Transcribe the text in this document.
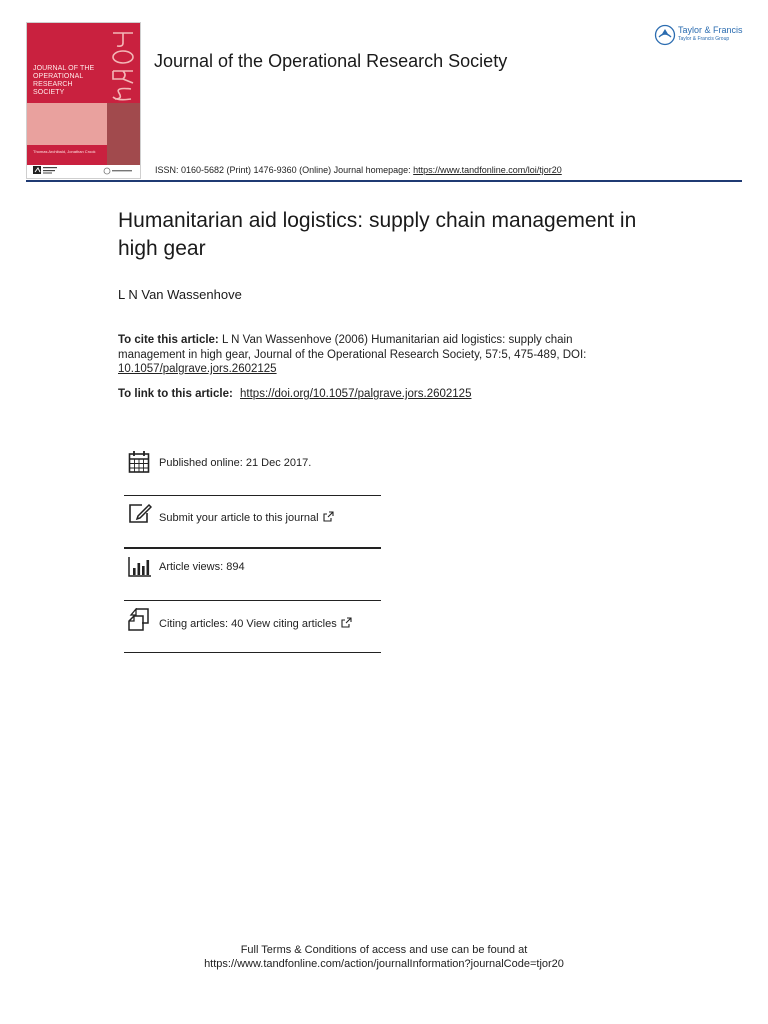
JOURNAL OF THE
OPERATIONAL
RESEARCH
SOCIETY
Thomas Archibald, Jonathan Crook
Journal of the Operational Research Society
ISSN: 0160-5682 (Print) 1476-9360 (Online) Journal homepage: https://www.tandfonline.com/loi/tjor20
Taylor & Francis
Taylor & Francis Group
Humanitarian aid logistics: supply chain management in high gear
L N Van Wassenhove
To cite this article: L N Van Wassenhove (2006) Humanitarian aid logistics: supply chain management in high gear, Journal of the Operational Research Society, 57:5, 475-489, DOI: 10.1057/palgrave.jors.2602125
To link to this article: https://doi.org/10.1057/palgrave.jors.2602125
Published online: 21 Dec 2017.
Submit your article to this journal
Article views: 894
Citing articles: 40 View citing articles
Full Terms & Conditions of access and use can be found at
https://www.tandfonline.com/action/journalInformation?journalCode=tjor20
